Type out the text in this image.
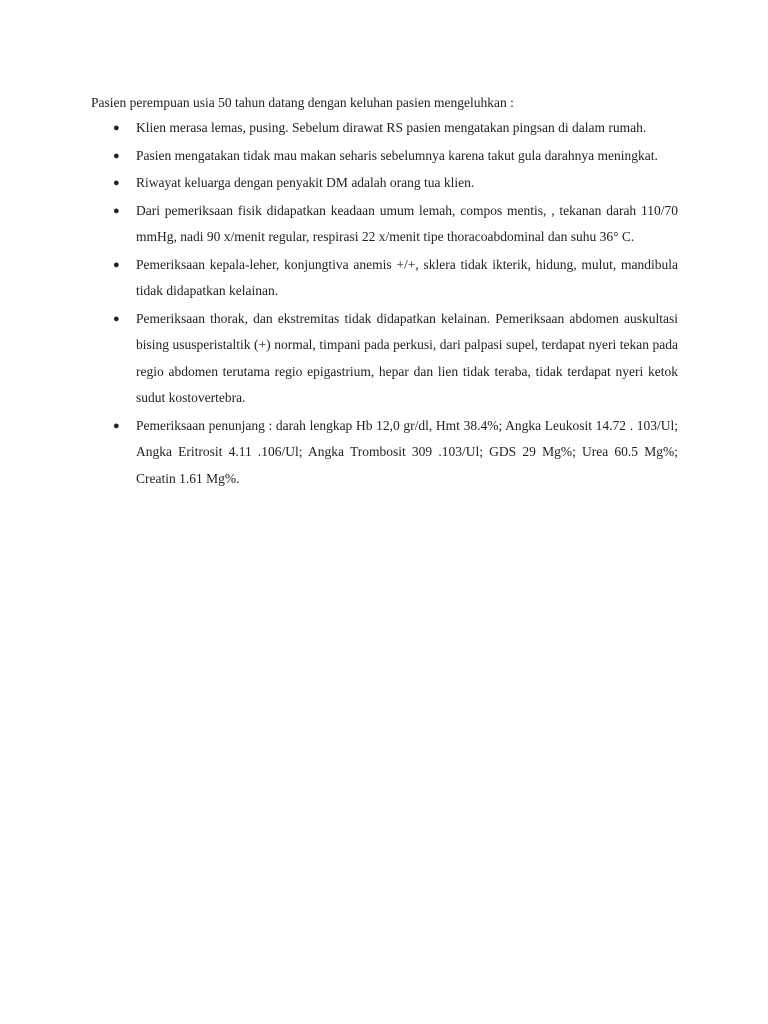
Pasien perempuan usia 50 tahun datang dengan keluhan pasien mengeluhkan :

● Klien merasa lemas, pusing. Sebelum dirawat RS pasien mengatakan pingsan di dalam rumah.
● Pasien mengatakan tidak mau makan seharis sebelumnya karena takut gula darahnya meningkat.
● Riwayat keluarga dengan penyakit DM adalah orang tua klien.
● Dari pemeriksaan fisik didapatkan keadaan umum lemah, compos mentis, , tekanan darah 110/70 mmHg, nadi 90 x/menit regular, respirasi 22 x/menit tipe thoracoabdominal dan suhu 36° C.
● Pemeriksaan kepala-leher, konjungtiva anemis +/+, sklera tidak ikterik, hidung, mulut, mandibula tidak didapatkan kelainan.
● Pemeriksaan thorak, dan ekstremitas tidak didapatkan kelainan. Pemeriksaan abdomen auskultasi bising ususperistaltik (+) normal, timpani pada perkusi, dari palpasi supel, terdapat nyeri tekan pada regio abdomen terutama regio epigastrium, hepar dan lien tidak teraba, tidak terdapat nyeri ketok sudut kostovertebra.
● Pemeriksaan penunjang : darah lengkap Hb 12,0 gr/dl, Hmt 38.4%; Angka Leukosit 14.72 . 103/Ul; Angka Eritrosit 4.11 .106/Ul; Angka Trombosit 309 .103/Ul; GDS 29 Mg%; Urea 60.5 Mg%; Creatin 1.61 Mg%.
